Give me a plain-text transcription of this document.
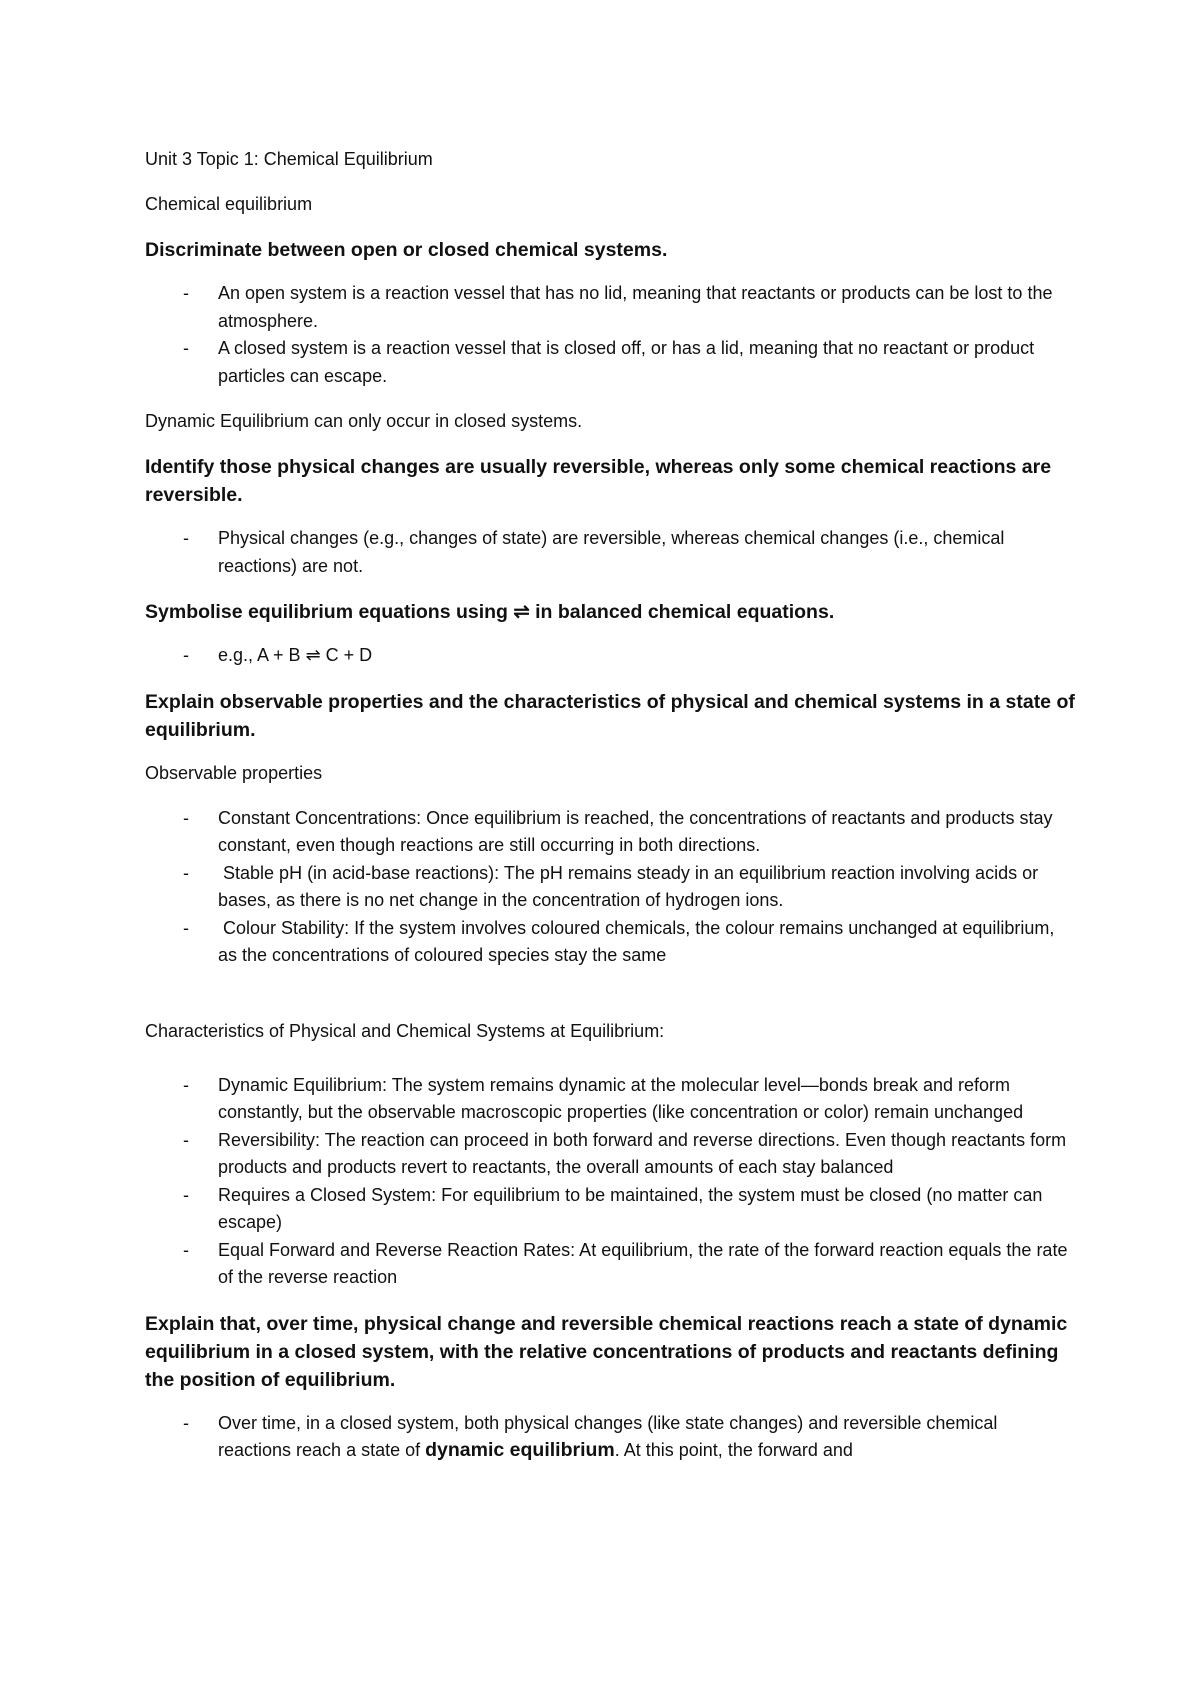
Unit 3 Topic 1: Chemical Equilibrium

Chemical equilibrium

Discriminate between open or closed chemical systems.

- An open system is a reaction vessel that has no lid, meaning that reactants or products can be lost to the atmosphere.
- A closed system is a reaction vessel that is closed off, or has a lid, meaning that no reactant or product particles can escape.

Dynamic Equilibrium can only occur in closed systems.

Identify those physical changes are usually reversible, whereas only some chemical reactions are reversible.

- Physical changes (e.g., changes of state) are reversible, whereas chemical changes (i.e., chemical reactions) are not.

Symbolise equilibrium equations using ⇌ in balanced chemical equations.

- e.g., A + B ⇌ C + D

Explain observable properties and the characteristics of physical and chemical systems in a state of equilibrium.

Observable properties

- Constant Concentrations: Once equilibrium is reached, the concentrations of reactants and products stay constant, even though reactions are still occurring in both directions.
- Stable pH (in acid-base reactions): The pH remains steady in an equilibrium reaction involving acids or bases, as there is no net change in the concentration of hydrogen ions.
- Colour Stability: If the system involves coloured chemicals, the colour remains unchanged at equilibrium, as the concentrations of coloured species stay the same

Characteristics of Physical and Chemical Systems at Equilibrium:

- Dynamic Equilibrium: The system remains dynamic at the molecular level—bonds break and reform constantly, but the observable macroscopic properties (like concentration or color) remain unchanged
- Reversibility: The reaction can proceed in both forward and reverse directions. Even though reactants form products and products revert to reactants, the overall amounts of each stay balanced
- Requires a Closed System: For equilibrium to be maintained, the system must be closed (no matter can escape)
- Equal Forward and Reverse Reaction Rates: At equilibrium, the rate of the forward reaction equals the rate of the reverse reaction

Explain that, over time, physical change and reversible chemical reactions reach a state of dynamic equilibrium in a closed system, with the relative concentrations of products and reactants defining the position of equilibrium.

- Over time, in a closed system, both physical changes (like state changes) and reversible chemical reactions reach a state of dynamic equilibrium. At this point, the forward and
